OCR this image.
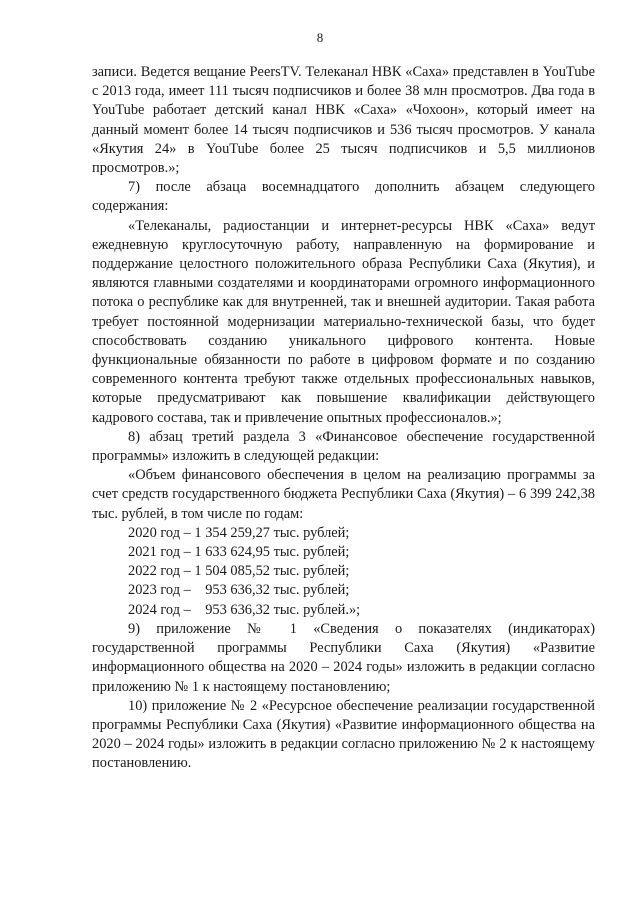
8

записи. Ведется вещание PeersTV. Телеканал НВК «Саха» представлен в YouTube с 2013 года, имеет 111 тысяч подписчиков и более 38 млн просмотров. Два года в YouTube работает детский канал НВК «Саха» «Чохоон», который имеет на данный момент более 14 тысяч подписчиков и 536 тысяч просмотров. У канала «Якутия 24» в YouTube более 25 тысяч подписчиков и 5,5 миллионов просмотров.»;

7) после абзаца восемнадцатого дополнить абзацем следующего содержания:

«Телеканалы, радиостанции и интернет-ресурсы НВК «Саха» ведут ежедневную круглосуточную работу, направленную на формирование и поддержание целостного положительного образа Республики Саха (Якутия), и являются главными создателями и координаторами огромного информационного потока о республике как для внутренней, так и внешней аудитории. Такая работа требует постоянной модернизации материально-технической базы, что будет способствовать созданию уникального цифрового контента. Новые функциональные обязанности по работе в цифровом формате и по созданию современного контента требуют также отдельных профессиональных навыков, которые предусматривают как повышение квалификации действующего кадрового состава, так и привлечение опытных профессионалов.»;

8) абзац третий раздела 3 «Финансовое обеспечение государственной программы» изложить в следующей редакции:

«Объем финансового обеспечения в целом на реализацию программы за счет средств государственного бюджета Республики Саха (Якутия) – 6 399 242,38 тыс. рублей, в том числе по годам:

2020 год – 1 354 259,27 тыс. рублей;

2021 год – 1 633 624,95 тыс. рублей;

2022 год – 1 504 085,52 тыс. рублей;

2023 год –    953 636,32 тыс. рублей;

2024 год –    953 636,32 тыс. рублей.»;

9) приложение № 1 «Сведения о показателях (индикаторах) государственной программы Республики Саха (Якутия) «Развитие информационного общества на 2020 – 2024 годы» изложить в редакции согласно приложению № 1 к настоящему постановлению;

10) приложение № 2 «Ресурсное обеспечение реализации государственной программы Республики Саха (Якутия) «Развитие информационного общества на 2020 – 2024 годы» изложить в редакции согласно приложению № 2 к настоящему постановлению.
